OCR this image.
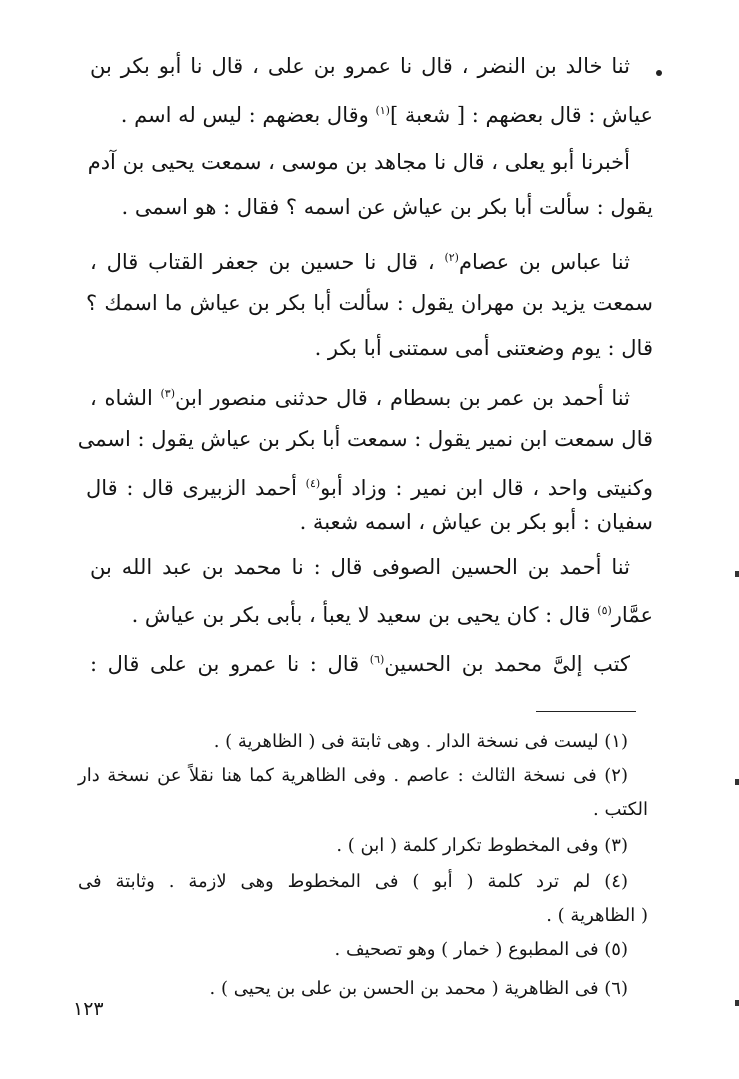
ثنا خالد بن النضر ، قال نا عمرو بن على ، قال نا أبو بكر بن
عياش : قال بعضهم : [ شعبة ]$^{(١)}$ وقال بعضهم : ليس له اسم .
أخبرنا أبو يعلى ، قال نا مجاهد بن موسى ، سمعت يحيى بن آدم
يقول : سألت أبا بكر بن عياش عن اسمه ؟ فقال : هو اسمى .
ثنا عباس بن عصام$^{(٢)}$ ، قال نا حسين بن جعفر القتاب قال ،
سمعت يزيد بن مهران يقول : سألت أبا بكر بن عياش ما اسمك ؟
قال : يوم وضعتنى أمى سمتنى أبا بكر .
ثنا أحمد بن عمر بن بسطام ، قال حدثنى منصور ابن$^{(٣)}$ الشاه ،
قال سمعت ابن نمير يقول : سمعت أبا بكر بن عياش يقول : اسمى
وكنيتى واحد ، قال ابن نمير : وزاد أبو$^{(٤)}$ أحمد الزبيرى قال : قال
سفيان : أبو بكر بن عياش ، اسمه شعبة .
ثنا أحمد بن الحسين الصوفى قال : نا محمد بن عبد الله بن
عمَّار$^{(٥)}$ قال : كان يحيى بن سعيد لا يعبأ ، بأبى بكر بن عياش .
كتب إلىَّ محمد بن الحسين$^{(٦)}$ قال : نا عمرو بن على قال :
(١) ليست فى نسخة الدار . وهى ثابتة فى ( الظاهرية ) .
(٢) فى نسخة الثالث : عاصم . وفى الظاهرية كما هنا نقلاً عن نسخة دار
الكتب .
(٣) وفى المخطوط تكرار كلمة ( ابن ) .
(٤) لم ترد كلمة ( أبو ) فى المخطوط وهى لازمة . وثابتة فى
( الظاهرية ) .
(٥) فى المطبوع ( خمار ) وهو تصحيف .
(٦) فى الظاهرية ( محمد بن الحسن بن على بن يحيى ) .
١٢٣
